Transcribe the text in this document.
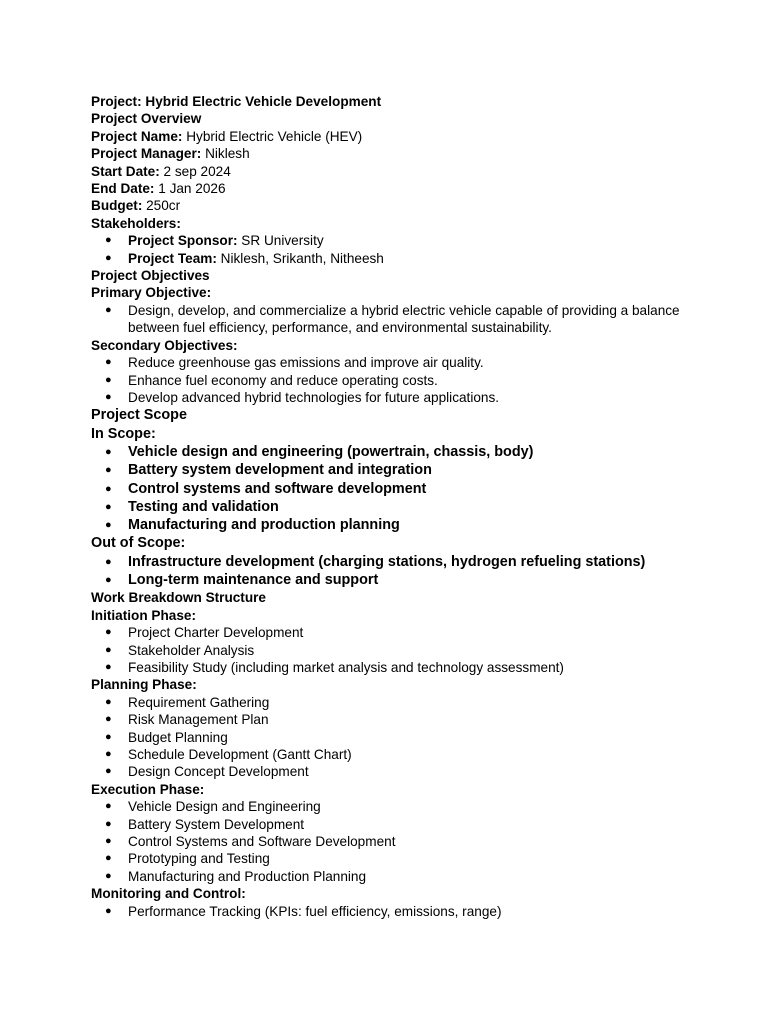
Project: Hybrid Electric Vehicle Development

Project Overview

Project Name: Hybrid Electric Vehicle (HEV)

Project Manager: Niklesh

Start Date: 2 sep 2024

End Date: 1 Jan 2026

Budget: 250cr

Stakeholders:

● Project Sponsor: SR University
● Project Team: Niklesh, Srikanth, Nitheesh

Project Objectives

Primary Objective:

● Design, develop, and commercialize a hybrid electric vehicle capable of providing a balance between fuel efficiency, performance, and environmental sustainability.

Secondary Objectives:

● Reduce greenhouse gas emissions and improve air quality.
● Enhance fuel economy and reduce operating costs.
● Develop advanced hybrid technologies for future applications.

Project Scope

In Scope:

● Vehicle design and engineering (powertrain, chassis, body)
● Battery system development and integration
● Control systems and software development
● Testing and validation
● Manufacturing and production planning

Out of Scope:

● Infrastructure development (charging stations, hydrogen refueling stations)
● Long-term maintenance and support

Work Breakdown Structure

Initiation Phase:

● Project Charter Development
● Stakeholder Analysis
● Feasibility Study (including market analysis and technology assessment)

Planning Phase:

● Requirement Gathering
● Risk Management Plan
● Budget Planning
● Schedule Development (Gantt Chart)
● Design Concept Development

Execution Phase:

● Vehicle Design and Engineering
● Battery System Development
● Control Systems and Software Development
● Prototyping and Testing
● Manufacturing and Production Planning

Monitoring and Control:

● Performance Tracking (KPIs: fuel efficiency, emissions, range)
